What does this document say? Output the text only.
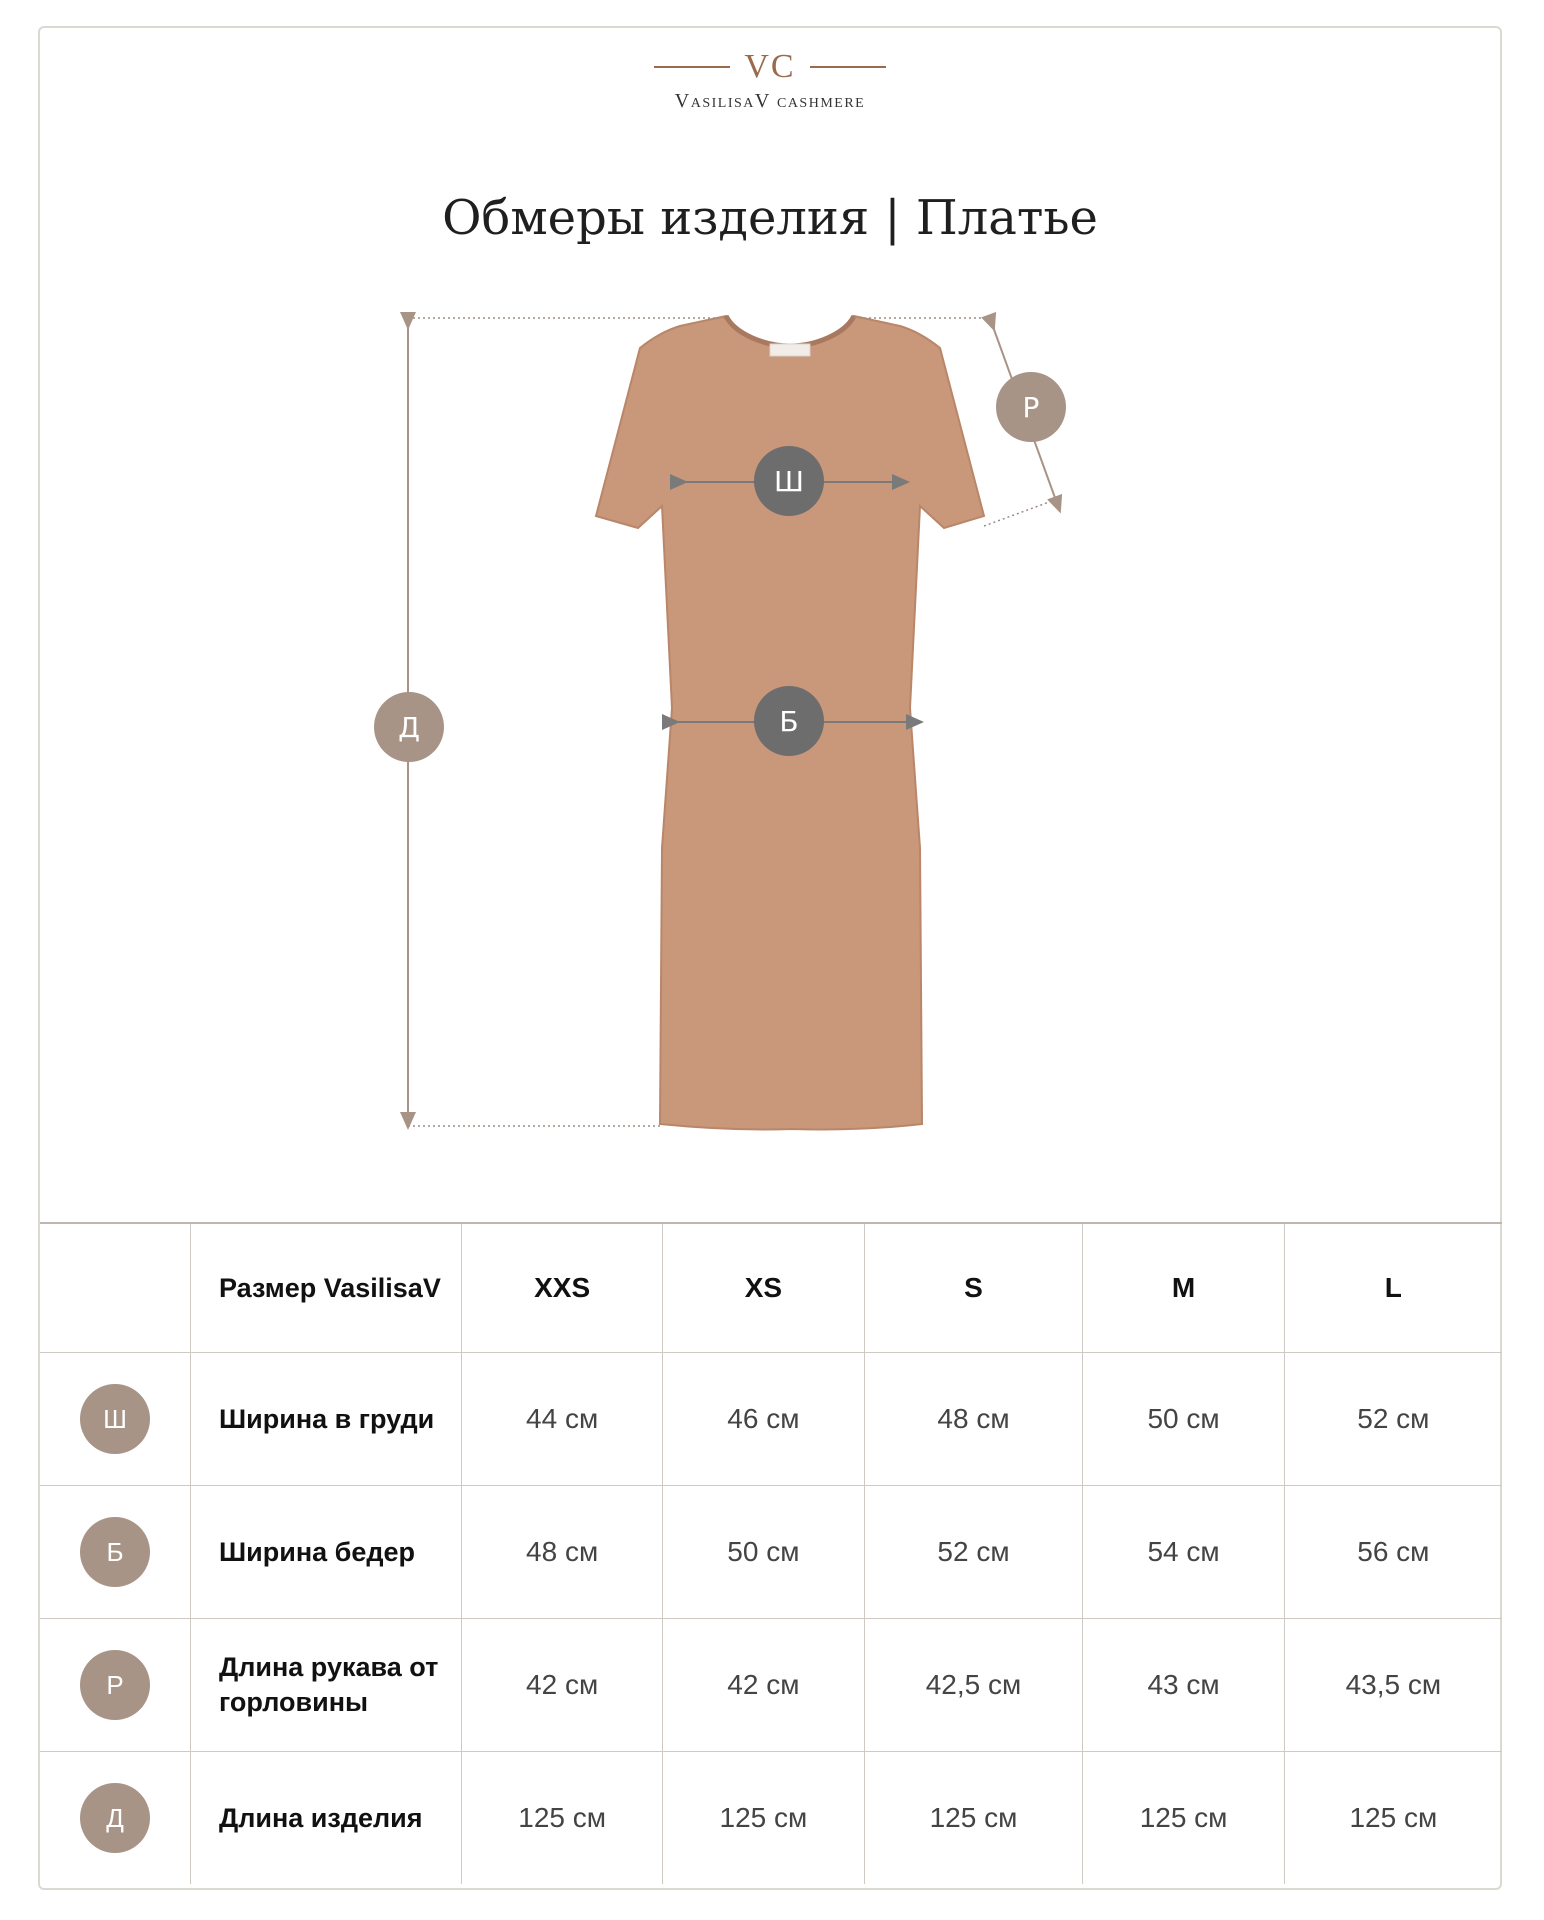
VC
VasilisaV cashmere
Обмеры изделия | Платье
Ш
Б
Р
Д
	Размер VasilisaV	XXS	XS	S	M	L
Ш	Ширина в груди	44 см	46 см	48 см	50 см	52 см
Б	Ширина бедер	48 см	50 см	52 см	54 см	56 см
Р	Длина рукава от горловины	42 см	42 см	42,5 см	43 см	43,5 см
Д	Длина изделия	125 см	125 см	125 см	125 см	125 см
